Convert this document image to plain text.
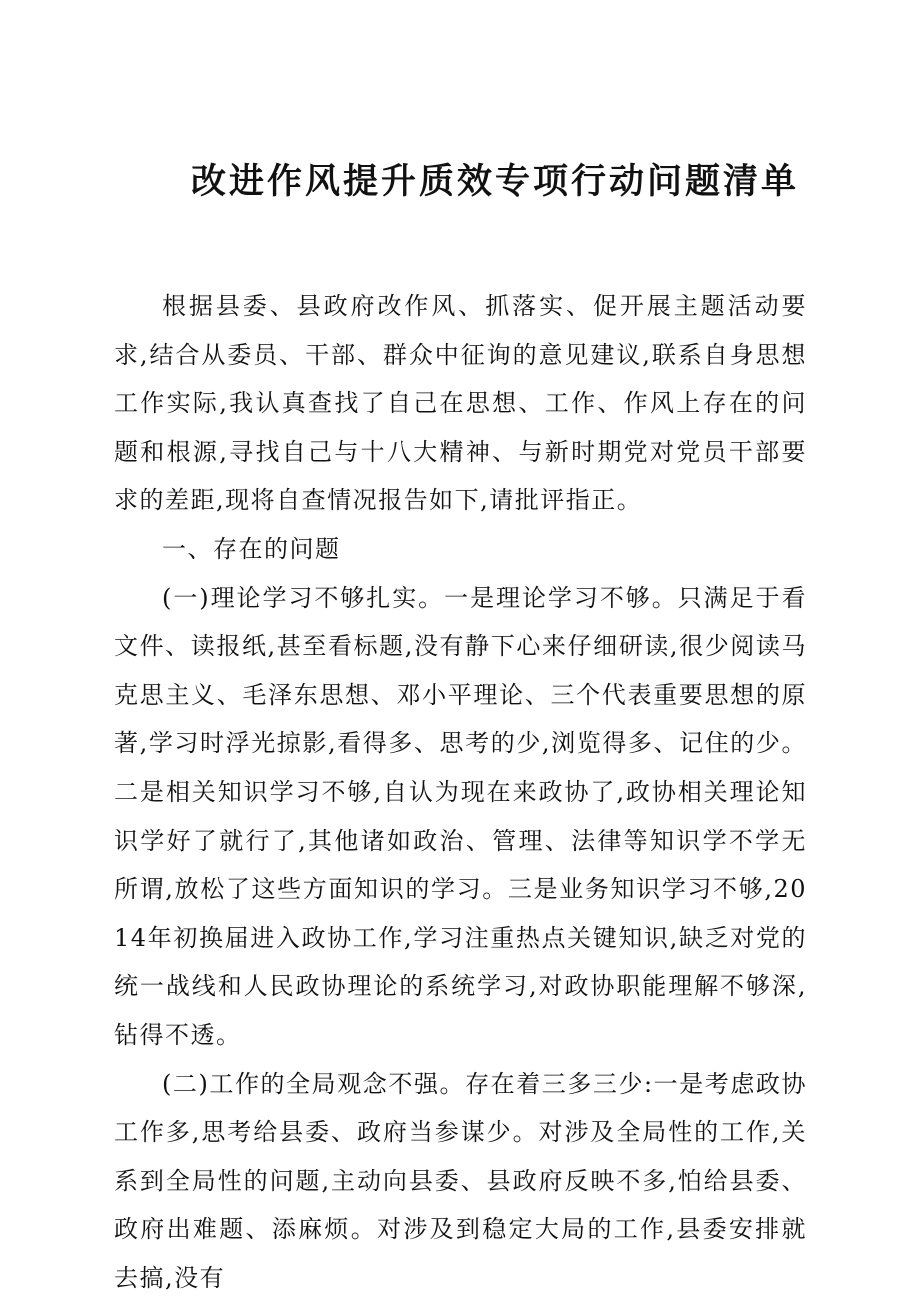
改进作风提升质效专项行动问题清单

根据县委、县政府改作风、抓落实、促开展主题活动要求,结合从委员、干部、群众中征询的意见建议,联系自身思想工作实际,我认真查找了自己在思想、工作、作风上存在的问题和根源,寻找自己与十八大精神、与新时期党对党员干部要求的差距,现将自查情况报告如下,请批评指正。

一、存在的问题

(一)理论学习不够扎实。一是理论学习不够。只满足于看文件、读报纸,甚至看标题,没有静下心来仔细研读,很少阅读马克思主义、毛泽东思想、邓小平理论、三个代表重要思想的原著,学习时浮光掠影,看得多、思考的少,浏览得多、记住的少。二是相关知识学习不够,自认为现在来政协了,政协相关理论知识学好了就行了,其他诸如政治、管理、法律等知识学不学无所谓,放松了这些方面知识的学习。三是业务知识学习不够,2014年初换届进入政协工作,学习注重热点关键知识,缺乏对党的统一战线和人民政协理论的系统学习,对政协职能理解不够深,钻得不透。

(二)工作的全局观念不强。存在着三多三少:一是考虑政协工作多,思考给县委、政府当参谋少。对涉及全局性的工作,关系到全局性的问题,主动向县委、县政府反映不多,怕给县委、政府出难题、添麻烦。对涉及到稳定大局的工作,县委安排就去搞,没有
